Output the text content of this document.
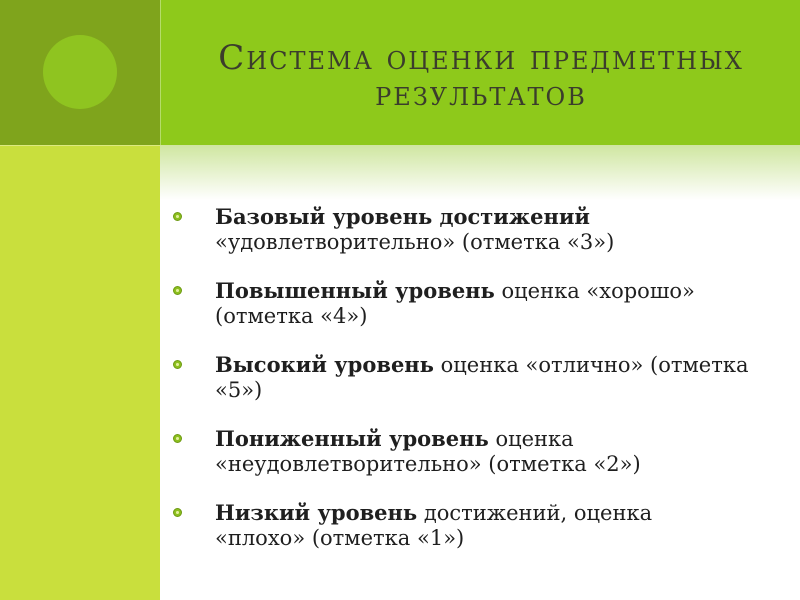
Система оценки предметных результатов
Базовый уровень достижений
«удовлетворительно» (отметка «3»)
Повышенный уровень оценка «хорошо»
(отметка «4»)
Высокий уровень оценка «отлично» (отметка
«5»)
Пониженный уровень оценка
«неудовлетворительно» (отметка «2»)
Низкий уровень достижений, оценка
«плохо» (отметка «1»)
